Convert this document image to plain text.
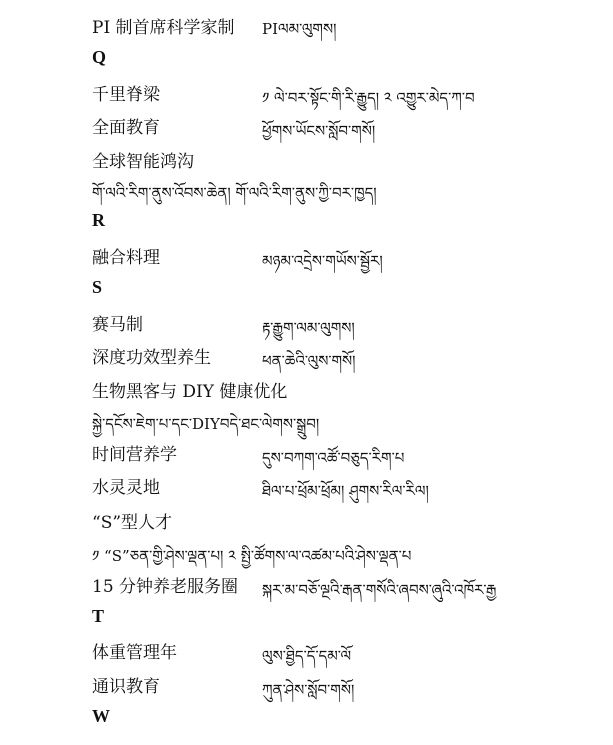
PI 制首席科学家制 PIལམ་ལུགས།
Q
千里脊梁	༡ ལེ་བར་སྟོང་གི་རི་རྒྱུད། ༢ འགྱུར་མེད་ཀ་བ
全面教育	ཕྱོགས་ཡོངས་སློབ་གསོ།
全球智能鸿沟
གོ་ལའི་རིག་ནུས་འོབས་ཆེན། གོ་ལའི་རིག་ནུས་ཀྱི་བར་ཁྱད།
R
融合料理	མཉམ་འདྲེས་གཡོས་སྦྱོར།
S
赛马制	རྟ་རྒྱུག་ལམ་ལུགས།
深度功效型养生	ཕན་ཆེའི་ལུས་གསོ།
生物黑客与 DIY 健康优化
སྐྱེ་དངོས་ཇེག་པ་དང་DIYབདེ་ཐང་ལེགས་སྒྲུབ།
时间营养学	དུས་བཀག་འཚོ་བཅུད་རིག་པ
水灵灵地	ཐིལ་པ་ཕྲོམ་ཕྲོམ། ཤུགས་རིལ་རིལ།
“S”型人才
༡ “S”ཅན་གྱི་ཤེས་ལྡན་པ། ༢ སྤྱི་ཚོགས་ལ་འཚམ་པའི་ཤེས་ལྡན་པ
15 分钟养老服务圈 སྐར་མ་བཅོ་ལྔའི་རྒན་གསོའི་ཞབས་ཞུའི་འཁོར་རྒྱ
T
体重管理年	ལུས་ཐྱིད་དོ་དམ་ལོ
通识教育	ཀུན་ཤེས་སློབ་གསོ།
W
